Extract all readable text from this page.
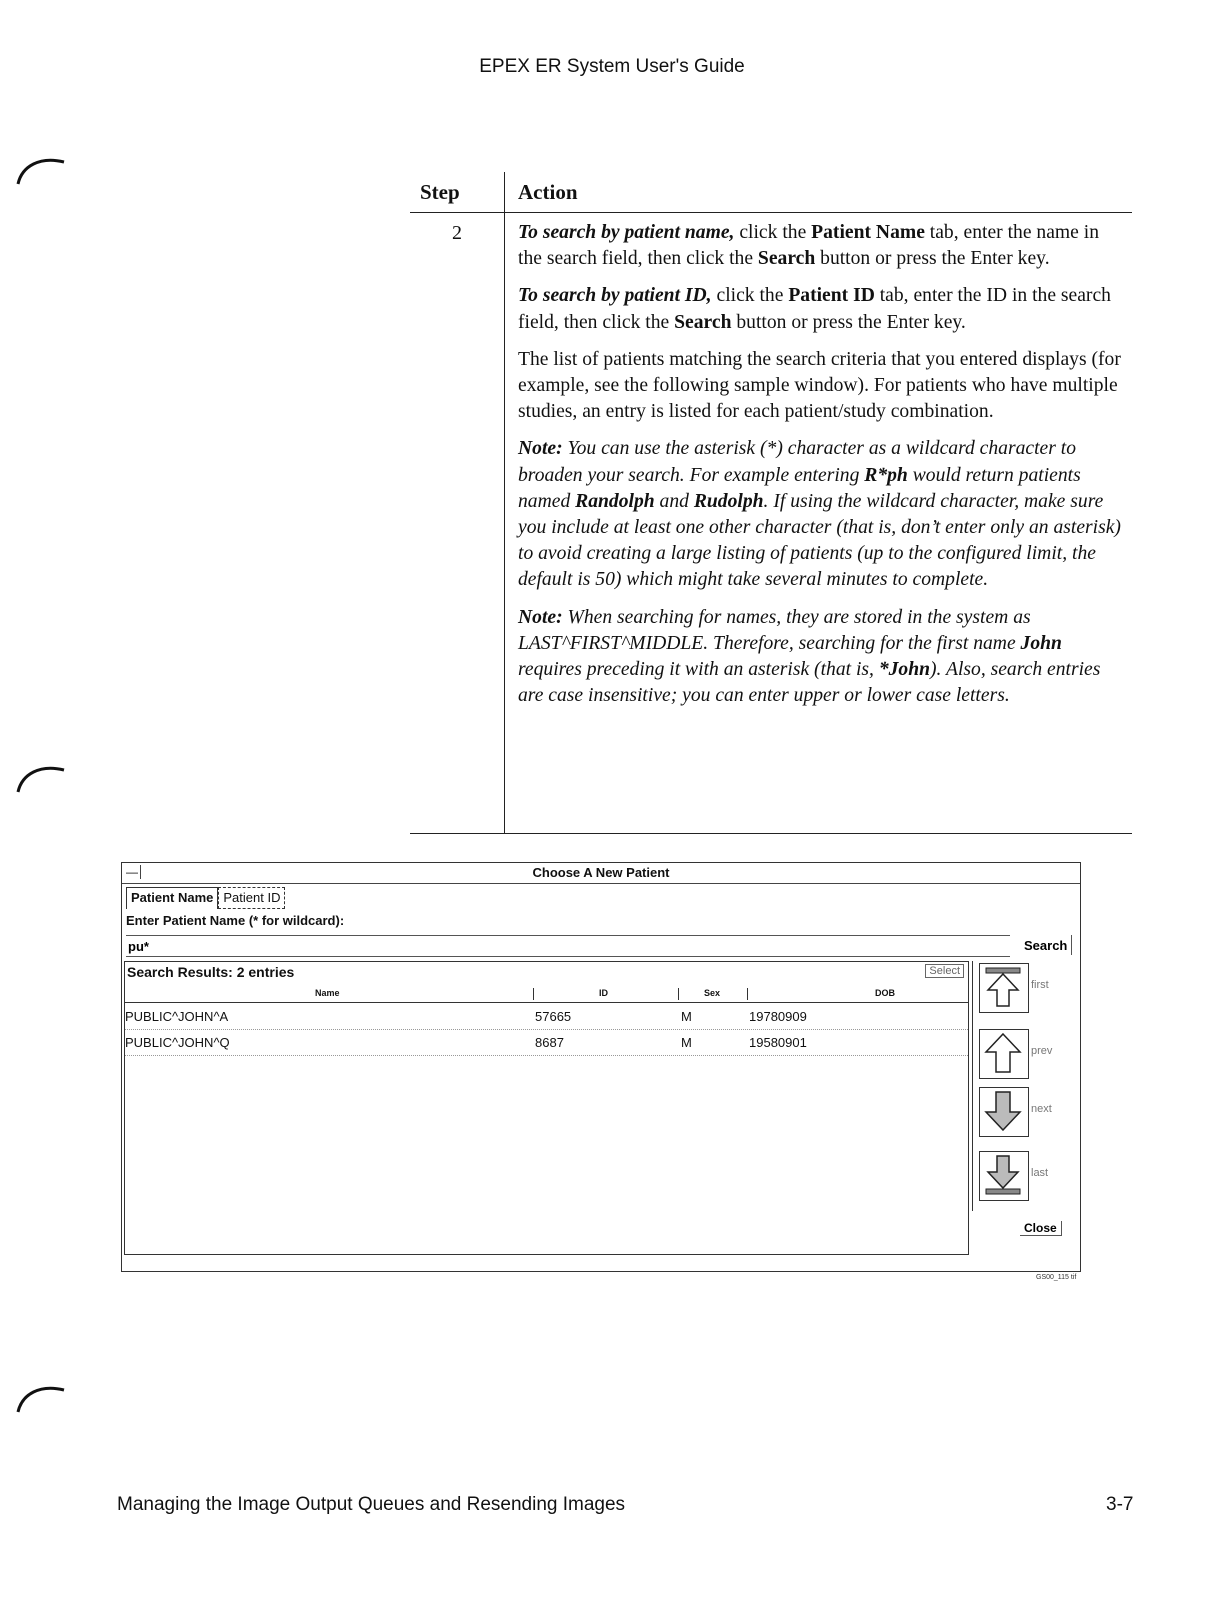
EPEX ER System User's Guide
Step	Action
2	To search by patient name, click the Patient Name tab, enter the name in the search field, then click the Search button or press the Enter key.

To search by patient ID, click the Patient ID tab, enter the ID in the search field, then click the Search button or press the Enter key.

The list of patients matching the search criteria that you entered displays (for example, see the following sample window). For patients who have multiple studies, an entry is listed for each patient/study combination.

Note: You can use the asterisk (*) character as a wildcard character to broaden your search. For example entering R*ph would return patients named Randolph and Rudolph. If using the wildcard character, make sure you include at least one other character (that is, don’t enter only an asterisk) to avoid creating a large listing of patients (up to the configured limit, the default is 50) which might take several minutes to complete.

Note: When searching for names, they are stored in the system as LAST^FIRST^MIDDLE. Therefore, searching for the first name John requires preceding it with an asterisk (that is, *John). Also, search entries are case insensitive; you can enter upper or lower case letters.

—	Choose A New Patient
Patient Name Patient ID
Enter Patient Name (* for wildcard):
pu*
Search
Search Results: 2 entries	Select
Name	ID	Sex	DOB
PUBLIC^JOHN^A	57665	M	19780909
PUBLIC^JOHN^Q	8687	M	19580901
first
prev
next
last
Close
GS00_115 tif
Managing the Image Output Queues and Resending Images	3-7
